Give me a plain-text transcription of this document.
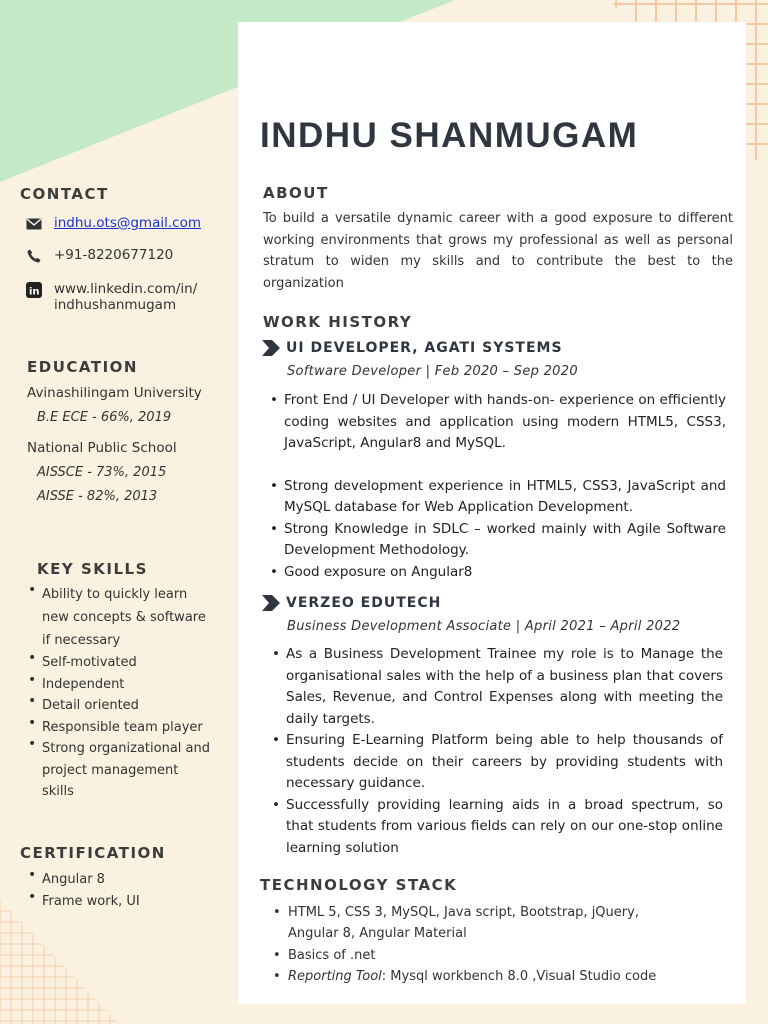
INDHU SHANMUGAM
CONTACT
indhu.ots@gmail.com
+91-8220677120
in www.linkedin.com/in/
indhushanmugam
EDUCATION
Avinashilingam University
B.E ECE - 66%, 2019
National Public School
AISSCE - 73%, 2015
AISSE - 82%, 2013
KEY SKILLS
• Ability to quickly learn new concepts & software if necessary
• Self-motivated
• Independent
• Detail oriented
• Responsible team player
• Strong organizational and project management skills
CERTIFICATION
• Angular 8
• Frame work, UI
ABOUT

To build a versatile dynamic career with a good exposure to different working environments that grows my professional as well as personal stratum to widen my skills and to contribute the best to the organization

WORK HISTORY
UI DEVELOPER, AGATI SYSTEMS
Software Developer | Feb 2020 – Sep 2020
• Front End / UI Developer with hands-on- experience on efficiently coding websites and application using modern HTML5, CSS3, JavaScript, Angular8 and MySQL.
• Strong development experience in HTML5, CSS3, JavaScript and MySQL database for Web Application Development.
• Strong Knowledge in SDLC – worked mainly with Agile Software Development Methodology.
• Good exposure on Angular8
VERZEO EDUTECH
Business Development Associate | April 2021 – April 2022
• As a Business Development Trainee my role is to Manage the organisational sales with the help of a business plan that covers Sales, Revenue, and Control Expenses along with meeting the daily targets.
• Ensuring E-Learning Platform being able to help thousands of students decide on their careers by providing students with necessary guidance.
• Successfully providing learning aids in a broad spectrum, so that students from various fields can rely on our one-stop online learning solution
TECHNOLOGY STACK
• HTML 5, CSS 3, MySQL, Java script, Bootstrap, jQuery, Angular 8, Angular Material
• Basics of .net
• Reporting Tool: Mysql workbench 8.0 ,Visual Studio code
